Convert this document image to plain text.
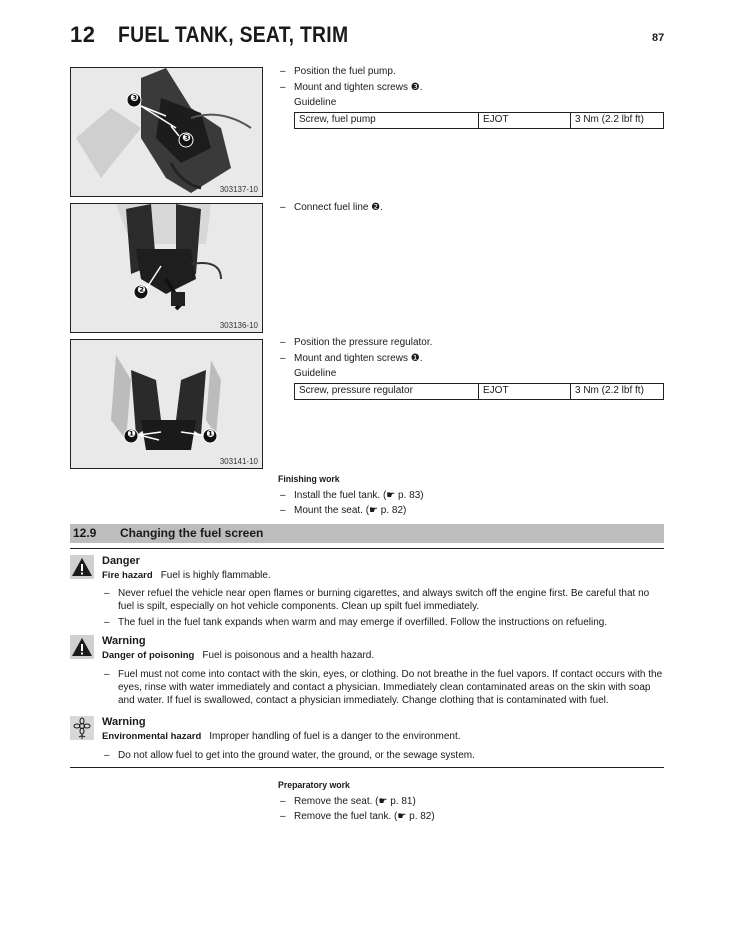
12 FUEL TANK, SEAT, TRIM	87
❸
❸
303137-10
❷
303136-10
❶	❶
303141-10
– Position the fuel pump.
– Mount and tighten screws ❸.
Guideline
Screw, fuel pump	EJOT	3 Nm (2.2 lbf ft)
– Connect fuel line ❷.
– Position the pressure regulator.
– Mount and tighten screws ❶.
Guideline
Screw, pressure regulator	EJOT	3 Nm (2.2 lbf ft)
Finishing work
– Install the fuel tank. (☛ p. 83)
– Mount the seat. (☛ p. 82)
12.9 Changing the fuel screen
Danger
Fire hazard Fuel is highly flammable.
– Never refuel the vehicle near open flames or burning cigarettes, and always switch off the engine first. Be careful that no fuel is spilt, especially on hot vehicle components. Clean up spilt fuel immediately.
– The fuel in the fuel tank expands when warm and may emerge if overfilled. Follow the instructions on refueling.
Warning
Danger of poisoning Fuel is poisonous and a health hazard.
– Fuel must not come into contact with the skin, eyes, or clothing. Do not breathe in the fuel vapors. If contact occurs with the eyes, rinse with water immediately and contact a physician. Immediately clean contaminated areas on the skin with soap and water. If fuel is swallowed, contact a physician immediately. Change clothing that is contaminated with fuel.
Warning
Environmental hazard Improper handling of fuel is a danger to the environment.
– Do not allow fuel to get into the ground water, the ground, or the sewage system.
Preparatory work
– Remove the seat. (☛ p. 81)
– Remove the fuel tank. (☛ p. 82)
